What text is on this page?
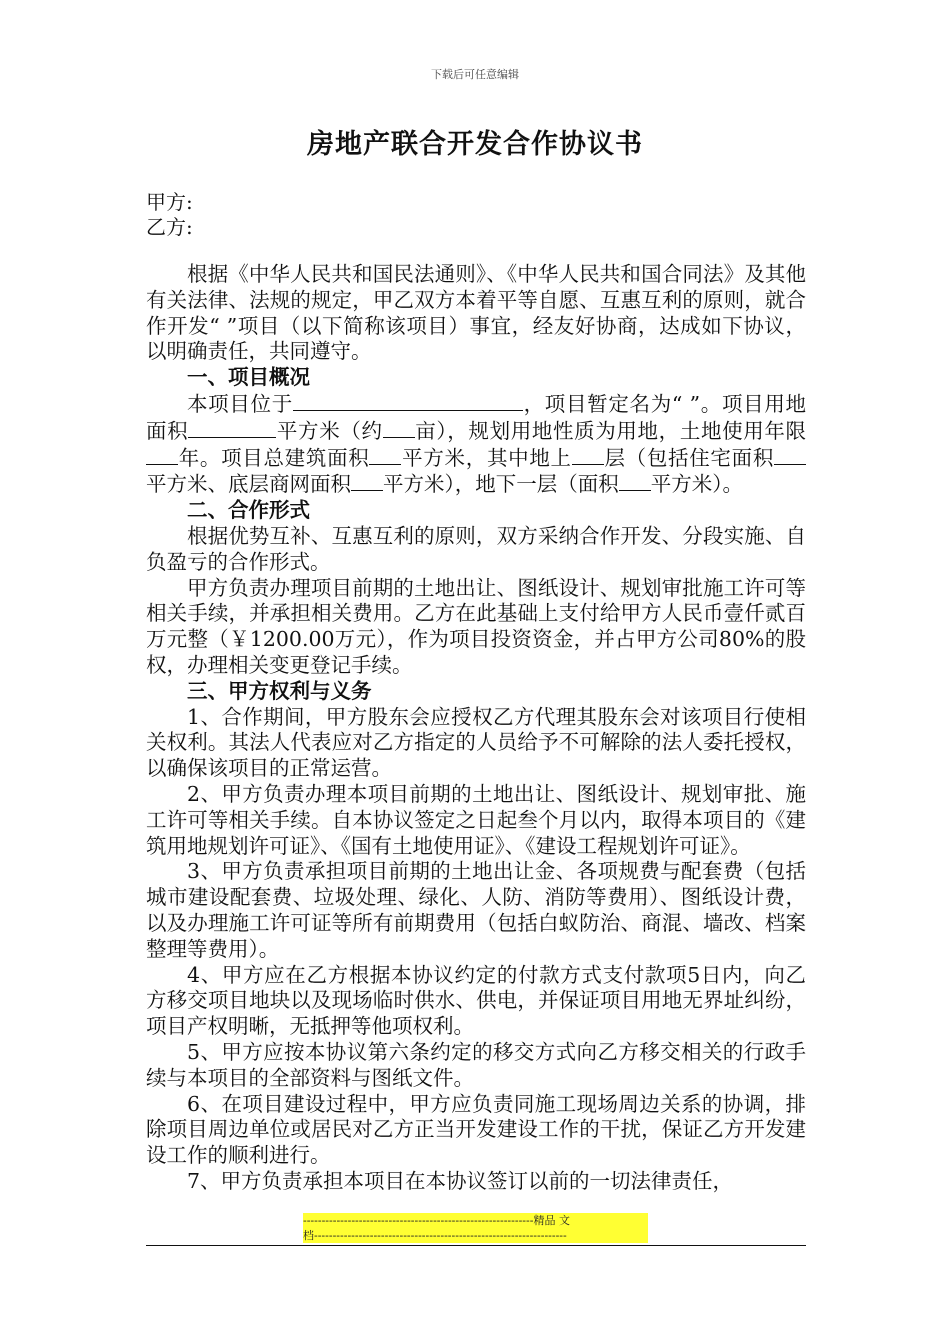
下载后可任意编辑
房地产联合开发合作协议书
甲方:
乙方:

根据《中华人民共和国民法通则》、《中华人民共和国合同法》及其他有关法律、法规的规定，甲乙双方本着平等自愿、互惠互利的原则，就合作开发“ ”项目（以下简称该项目）事宜，经友好协商，达成如下协议，以明确责任，共同遵守。

一、项目概况

本项目位于	，项目暂定名为“ ”。项目用地面积	平方米（约 亩），规划用地性质为用地，土地使用年限年。项目总建筑面积 平方米，其中地上 层（包括住宅面积平方米、底层商网面积 平方米），地下一层（面积 平方米）。

二、合作形式

根据优势互补、互惠互利的原则，双方采纳合作开发、分段实施、自负盈亏的合作形式。

甲方负责办理项目前期的土地出让、图纸设计、规划审批施工许可等相关手续，并承担相关费用。乙方在此基础上支付给甲方人民币壹仟贰百万元整（￥1200.00万元），作为项目投资资金，并占甲方公司80%的股权，办理相关变更登记手续。

三、甲方权利与义务

1、合作期间，甲方股东会应授权乙方代理其股东会对该项目行使相关权利。其法人代表应对乙方指定的人员给予不可解除的法人委托授权，以确保该项目的正常运营。

2、甲方负责办理本项目前期的土地出让、图纸设计、规划审批、施工许可等相关手续。自本协议签定之日起叁个月以内，取得本项目的《建筑用地规划许可证》、《国有土地使用证》、《建设工程规划许可证》。

3、甲方负责承担项目前期的土地出让金、各项规费与配套费（包括城市建设配套费、垃圾处理、绿化、人防、消防等费用）、图纸设计费，以及办理施工许可证等所有前期费用（包括白蚁防治、商混、墙改、档案整理等费用）。

4、甲方应在乙方根据本协议约定的付款方式支付款项5日内，向乙方移交项目地块以及现场临时供水、供电，并保证项目用地无界址纠纷，项目产权明晰，无抵押等他项权利。

5、甲方应按本协议第六条约定的移交方式向乙方移交相关的行政手续与本项目的全部资料与图纸文件。

6、在项目建设过程中，甲方应负责同施工现场周边关系的协调，排除项目周边单位或居民对乙方正当开发建设工作的干扰，保证乙方开发建设工作的顺利进行。

7、甲方负责承担本项目在本协议签订以前的一切法律责任，

--------------------------------------------------------------精品 文
档--------------------------------------------------------------------
